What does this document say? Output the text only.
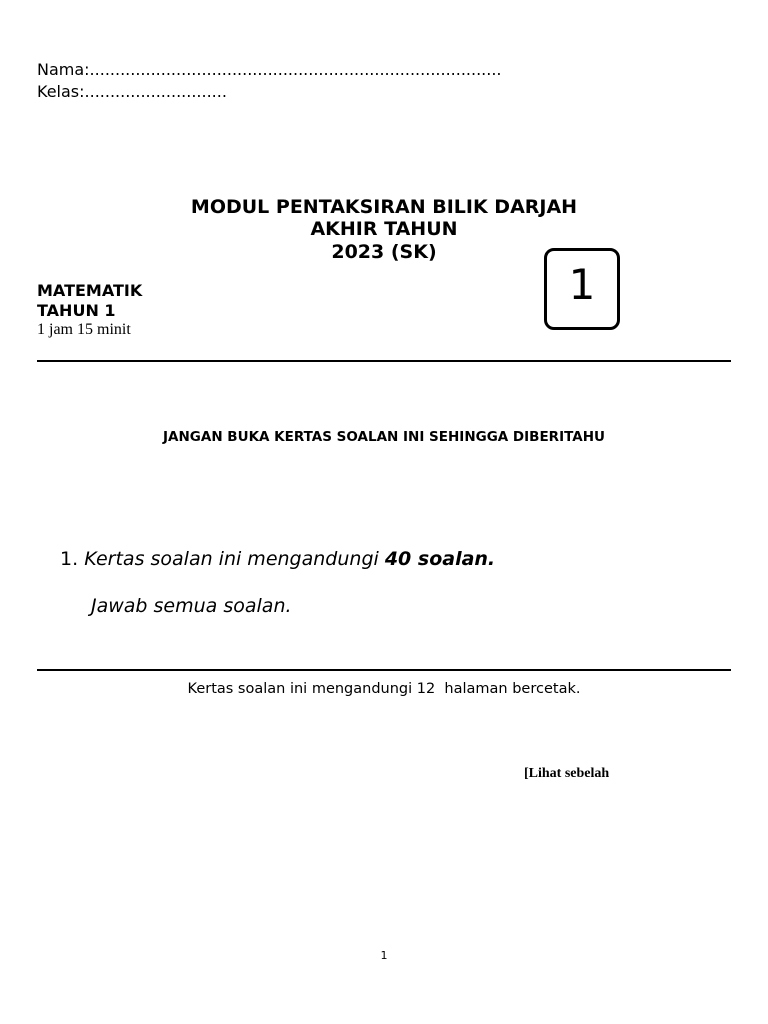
Nama:.................................................................................
Kelas:............................
MODUL PENTAKSIRAN BILIK DARJAH
AKHIR TAHUN
2023 (SK)
MATEMATIK
TAHUN 1
1 jam 15 minit
1
JANGAN BUKA KERTAS SOALAN INI SEHINGGA DIBERITAHU
1. Kertas soalan ini mengandungi 40 soalan.
Jawab semua soalan.
Kertas soalan ini mengandungi 12  halaman bercetak.
[Lihat sebelah
1
